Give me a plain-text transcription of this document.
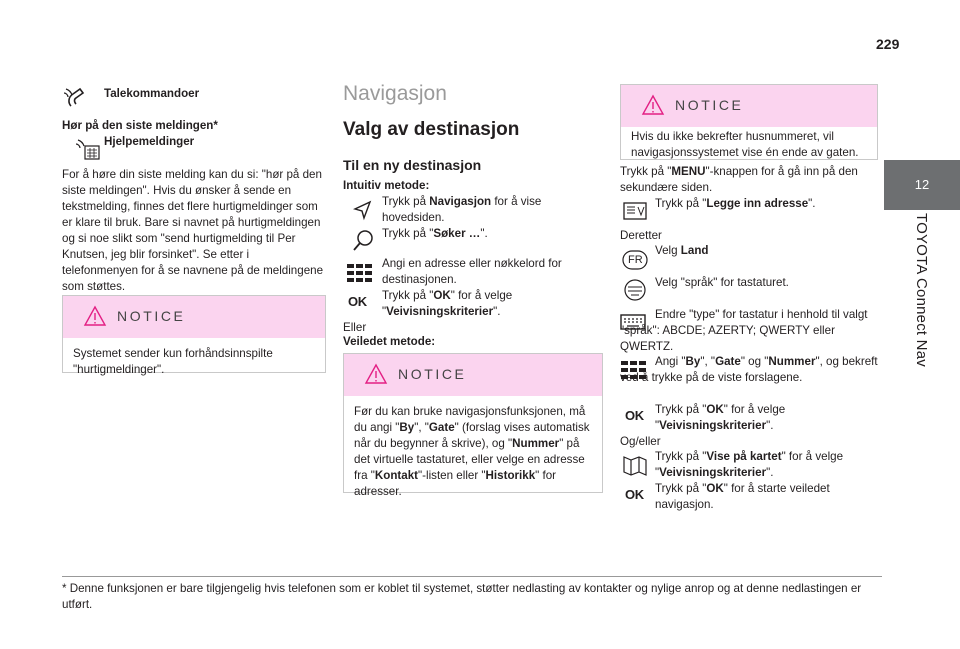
229
12
TOYOTA Connect Nav

Talekommandoer

Hør på den siste meldingen*

Hjelpemeldinger

For å høre din siste melding kan du si: "hør på den siste meldingen". Hvis du ønsker å sende en tekstmelding, finnes det flere hurtigmeldinger som er klare til bruk. Bare si navnet på hurtigmeldingen og si noe slikt som "send hurtigmelding til Per Knutsen, jeg blir forsinket". Se etter i telefonmenyen for å se navnene på de meldingene som støttes.

NOTICE
Systemet sender kun forhåndsinnspilte "hurtigmeldinger".

Navigasjon

Valg av destinasjon

Til en ny destinasjon

Intuitiv metode:

Trykk på Navigasjon for å vise hovedsiden.

Trykk på "Søker …".

Angi en adresse eller nøkkelord for destinasjonen.

OK Trykk på "OK" for å velge "Veivisningskriterier".

Eller

Veiledet metode:

NOTICE
Før du kan bruke navigasjonsfunksjonen, må du angi "By", "Gate" (forslag vises automatisk når du begynner å skrive), og "Nummer" på det virtuelle tastaturet, eller velge en adresse fra "Kontakt"-listen eller "Historikk" for adresser.
NOTICE
Hvis du ikke bekrefter husnummeret, vil navigasjonssystemet vise én ende av gaten.

Trykk på "MENU"-knappen for å gå inn på den sekundære siden.

Trykk på "Legge inn adresse".

Deretter

FR

Velg Land

Velg "språk" for tastaturet.

Endre "type" for tastatur i henhold til valgt "språk": ABCDE; AZERTY; QWERTY eller QWERTZ.

Angi "By", "Gate" og "Nummer", og bekreft ved å trykke på de viste forslagene.

OK Trykk på "OK" for å velge "Veivisningskriterier".

Og/eller

Trykk på "Vise på kartet" for å velge "Veivisningskriterier".

OK Trykk på "OK" for å starte veiledet navigasjon.

* Denne funksjonen er bare tilgjengelig hvis telefonen som er koblet til systemet, støtter nedlasting av kontakter og nylige anrop og at denne nedlastingen er utført.
